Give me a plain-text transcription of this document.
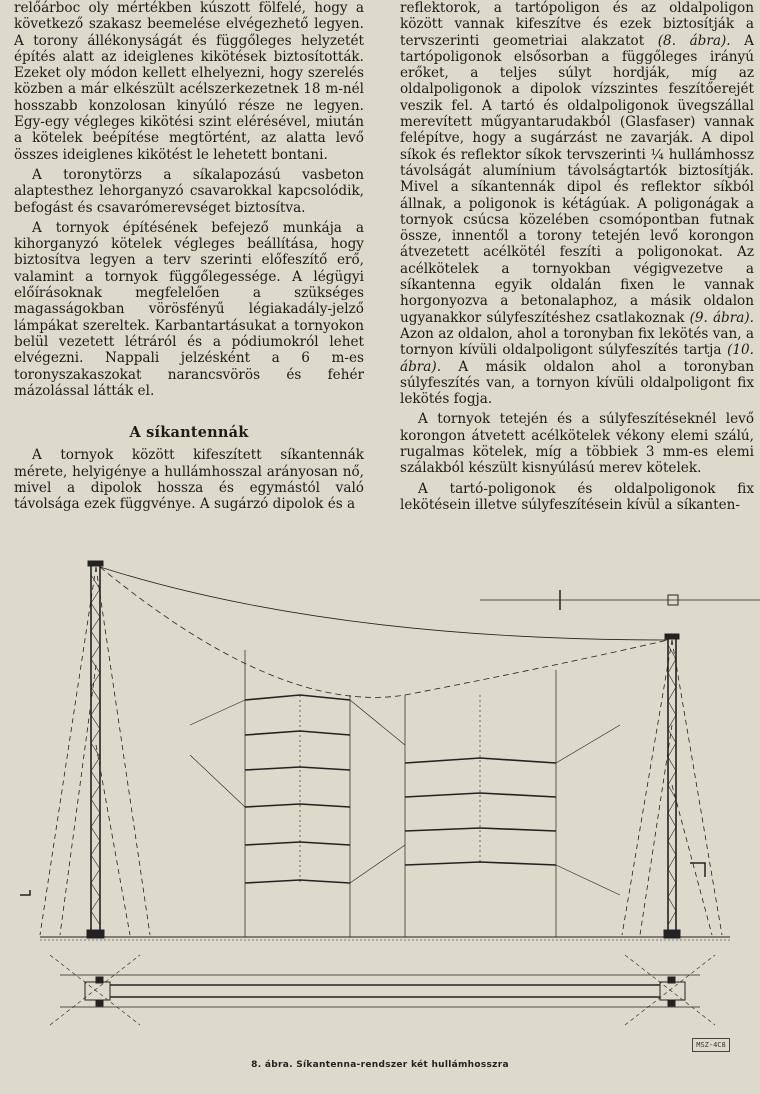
relőárboc oly mértékben kúszott fölfelé, hogy a következő szakasz beemelése elvégezhető legyen. A torony állékonyságát és függőleges helyzetét építés alatt az ideiglenes kikötések biztosították. Ezeket oly módon kellett elhelyezni, hogy szerelés közben a már elkészült acélszerkezetnek 18 m-nél hosszabb konzolosan kinyúló része ne legyen. Egy-egy végleges kikötési szint elérésével, miután a kötelek beépítése megtörtént, az alatta levő összes ideiglenes kikötést le lehetett bontani.

A toronytörzs a síkalapozású vasbeton alaptesthez lehorganyzó csavarokkal kapcsolódik, befogást és csavarómerevséget biztosítva.

A tornyok építésének befejező munkája a kihorganyzó kötelek végleges beállítása, hogy biztosítva legyen a terv szerinti előfeszítő erő, valamint a tornyok függőlegessége. A légügyi előírásoknak megfelelően a szükséges magasságokban vörösfényű légiakadály-jelző lámpákat szereltek. Karbantartásukat a tornyokon belül vezetett létráról és a pódiumokról lehet elvégezni. Nappali jelzésként a 6 m-es toronyszakaszokat narancsvörös és fehér mázolással látták el.

A síkantennák

A tornyok között kifeszített síkantennák mérete, helyigénye a hullámhosszal arányosan nő, mivel a dipolok hossza és egymástól való távolsága ezek függvénye. A sugárzó dipolok és a

reflektorok, a tartópoligon és az oldalpoligon között vannak kifeszítve és ezek biztosítják a tervszerinti geometriai alakzatot (8. ábra). A tartópoligonok elsősorban a függőleges irányú erőket, a teljes súlyt hordják, míg az oldalpoligonok a dipolok vízszintes feszítőerejét veszik fel. A tartó és oldalpoligonok üvegszállal merevített műgyantarudakból (Glasfaser) vannak felépítve, hogy a sugárzást ne zavarják. A dipol síkok és reflektor síkok tervszerinti ¼ hullámhossz távolságát alumínium távolságtartók biztosítják. Mivel a síkantennák dipol és reflektor síkból állnak, a poligonok is kétágúak. A poligonágak a tornyok csúcsa közelében csomópontban futnak össze, innentől a torony tetején levő korongon átvezetett acélkötél feszíti a poligonokat. Az acélkötelek a tornyokban végigvezetve a síkantenna egyik oldalán fixen le vannak horgonyozva a betonalaphoz, a másik oldalon ugyanakkor súlyfeszítéshez csatlakoznak (9. ábra). Azon az oldalon, ahol a toronyban fix lekötés van, a tornyon kívüli oldalpoligont súlyfeszítés tartja (10. ábra). A másik oldalon ahol a toronyban súlyfeszítés van, a tornyon kívüli oldalpoligont fix lekötés fogja.

A tornyok tetején és a súlyfeszítéseknél levő korongon átvetett acélkötelek vékony elemi szálú, rugalmas kötelek, míg a többiek 3 mm-es elemi szálakból készült kisnyúlású merev kötelek.

A tartó-poligonok és oldalpoligonok fix lekötésein illetve súlyfeszítésein kívül a síkanten-

MSZ-4C8
8. ábra. Síkantenna-rendszer két hullámhosszra
